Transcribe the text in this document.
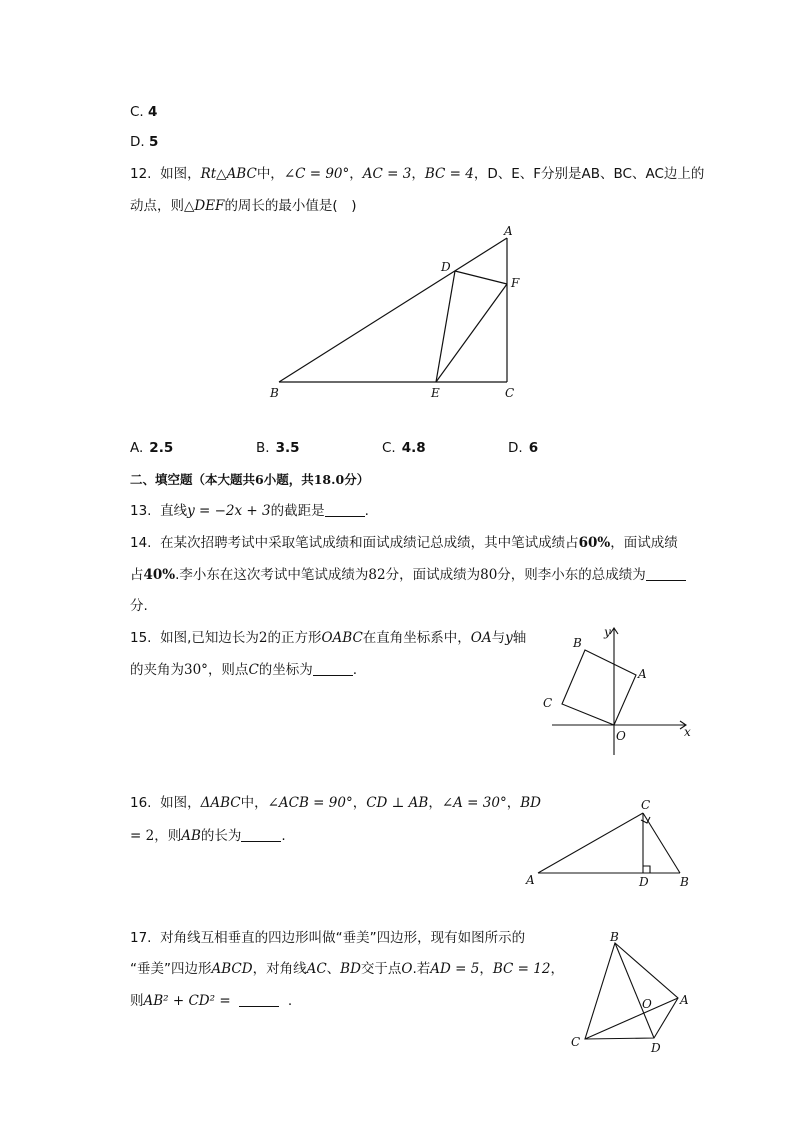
C. 4
D. 5
12. 如图，Rt△ABC中，∠C = 90°，AC = 3，BC = 4，D、E、F分别是AB、BC、AC边上的
动点，则△DEF的周长的最小值是(　)
A
B	C
D
E
F
A. 2.5	B. 3.5	C. 4.8	D. 6
二、填空题（本大题共6小题，共18.0分）
13. 直线y = −2x + 3的截距是	.
14. 在某次招聘考试中采取笔试成绩和面试成绩记总成绩，其中笔试成绩占60%，面试成绩
占40%.李小东在这次考试中笔试成绩为82分，面试成绩为80分，则李小东的总成绩为
分.
15. 如图,已知边长为2的正方形OABC在直角坐标系中，OA与y轴
的夹角为30°，则点C的坐标为	.	A
B
C
O	x
y
16. 如图，ΔABC中，∠ACB = 90°，CD ⊥ AB，∠A = 30°，BD
= 2，则AB的长为	.
C
A	D	B
17. 对角线互相垂直的四边形叫做“垂美”四边形，现有如图所示的
“垂美”四边形ABCD，对角线AC、BD交于点O.若AD = 5，BC = 12，
则AB² + CD² =	.
B
A
C	D
O
